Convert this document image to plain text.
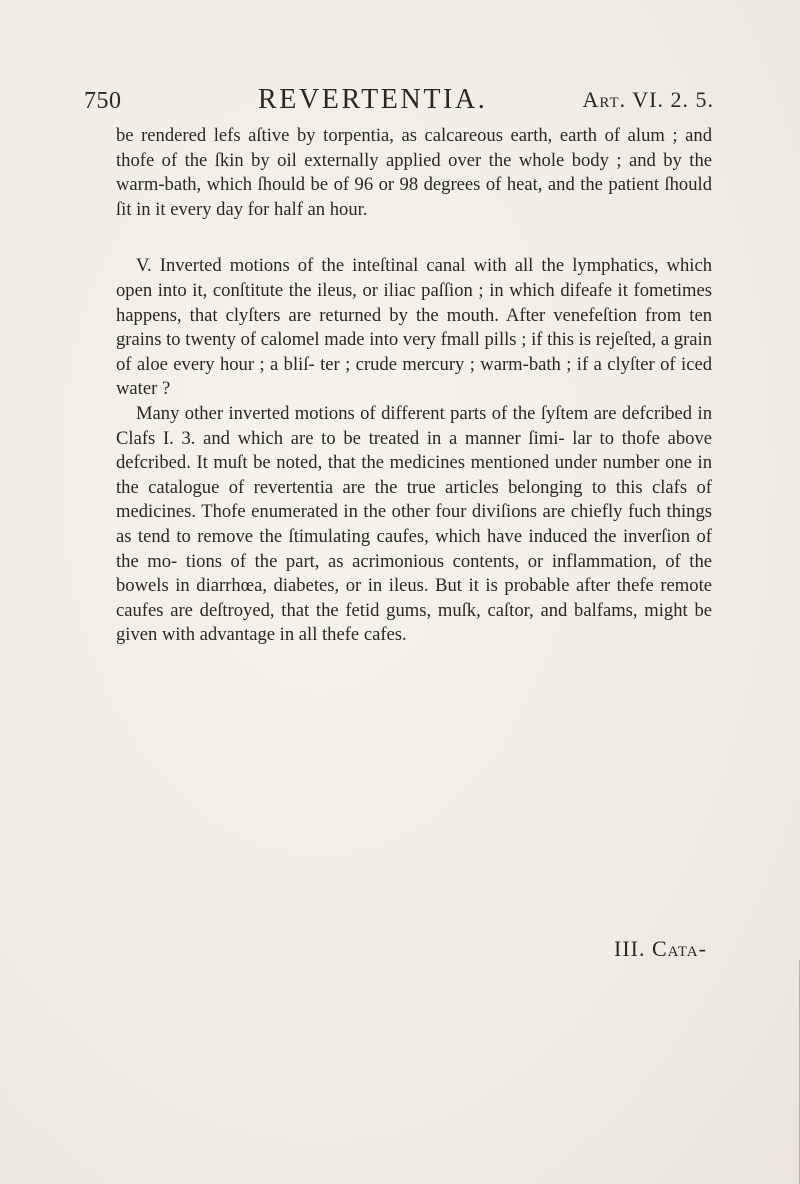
750	REVERTENTIA.	Art. VI. 2. 5.

be rendered lefs aſtive by torpentia, as calcareous earth, earth of alum ; and thofe of the ſkin by oil externally applied over the whole body ; and by the warm-bath, which ſhould be of 96 or 98 degrees of heat, and the patient ſhould ſit in it every day for half an hour.

V. Inverted motions of the inteſtinal canal with all the lymphatics, which open into it, conſtitute the ileus, or iliac paſſion ; in which difeafe it fometimes happens, that clyſters are returned by the mouth. After venefeſtion from ten grains to twenty of calomel made into very fmall pills ; if this is rejeſted, a grain of aloe every hour ; a bliſ- ter ; crude mercury ; warm-bath ; if a clyſter of iced water ?

Many other inverted motions of different parts of the ſyſtem are defcribed in Clafs I. 3. and which are to be treated in a manner ſimi- lar to thofe above defcribed. It muſt be noted, that the medicines mentioned under number one in the catalogue of revertentia are the true articles belonging to this clafs of medicines. Thofe enumerated in the other four diviſions are chiefly fuch things as tend to remove the ſtimulating caufes, which have induced the inverſion of the mo- tions of the part, as acrimonious contents, or inflammation, of the bowels in diarrhœa, diabetes, or in ileus. But it is probable after thefe remote caufes are deſtroyed, that the fetid gums, muſk, caſtor, and balfams, might be given with advantage in all thefe cafes.

III. Cata-
